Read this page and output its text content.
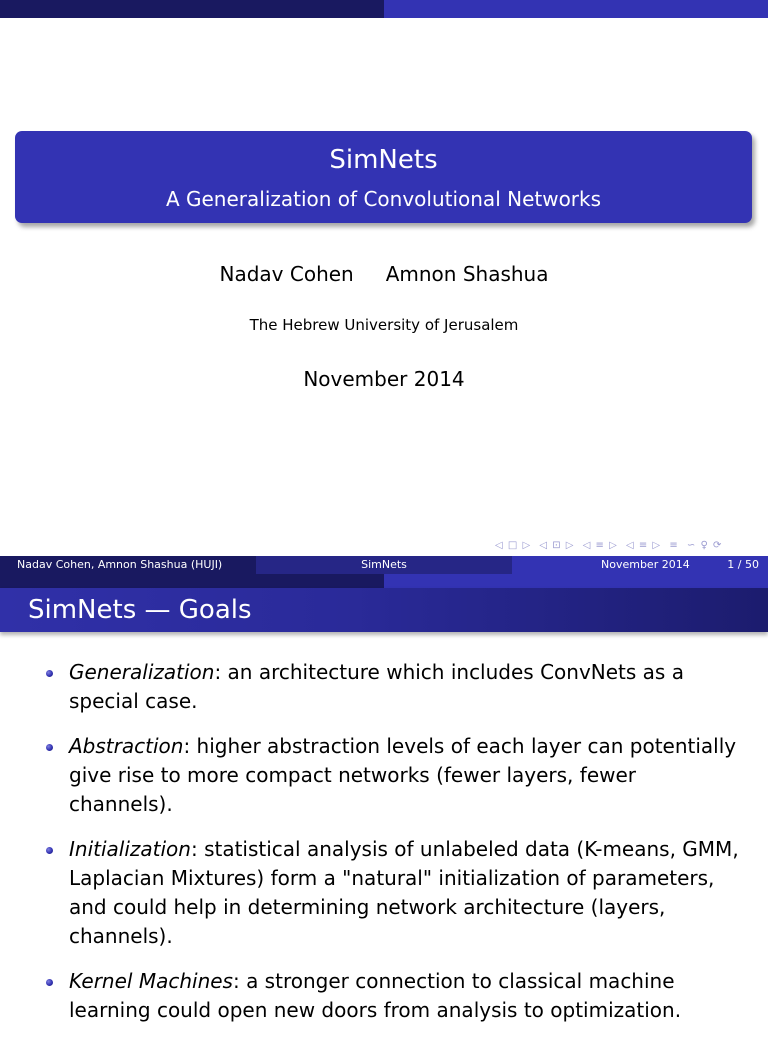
SimNets
A Generalization of Convolutional Networks
Nadav Cohen Amnon Shashua
The Hebrew University of Jerusalem
November 2014
◁ □ ▷ ◁ ⊡ ▷ ◁ ≡ ▷ ◁ ≡ ▷ ≡ ∽ ♀ ⟳
Nadav Cohen, Amnon Shashua (HUJI)	SimNets	November 2014	1 / 50
SimNets — Goals
Generalization: an architecture which includes ConvNets as a special case.
Abstraction: higher abstraction levels of each layer can potentially give rise to more compact networks (fewer layers, fewer channels).
Initialization: statistical analysis of unlabeled data (K-means, GMM, Laplacian Mixtures) form a "natural" initialization of parameters, and could help in determining network architecture (layers, channels).
Kernel Machines: a stronger connection to classical machine learning could open new doors from analysis to optimization.
